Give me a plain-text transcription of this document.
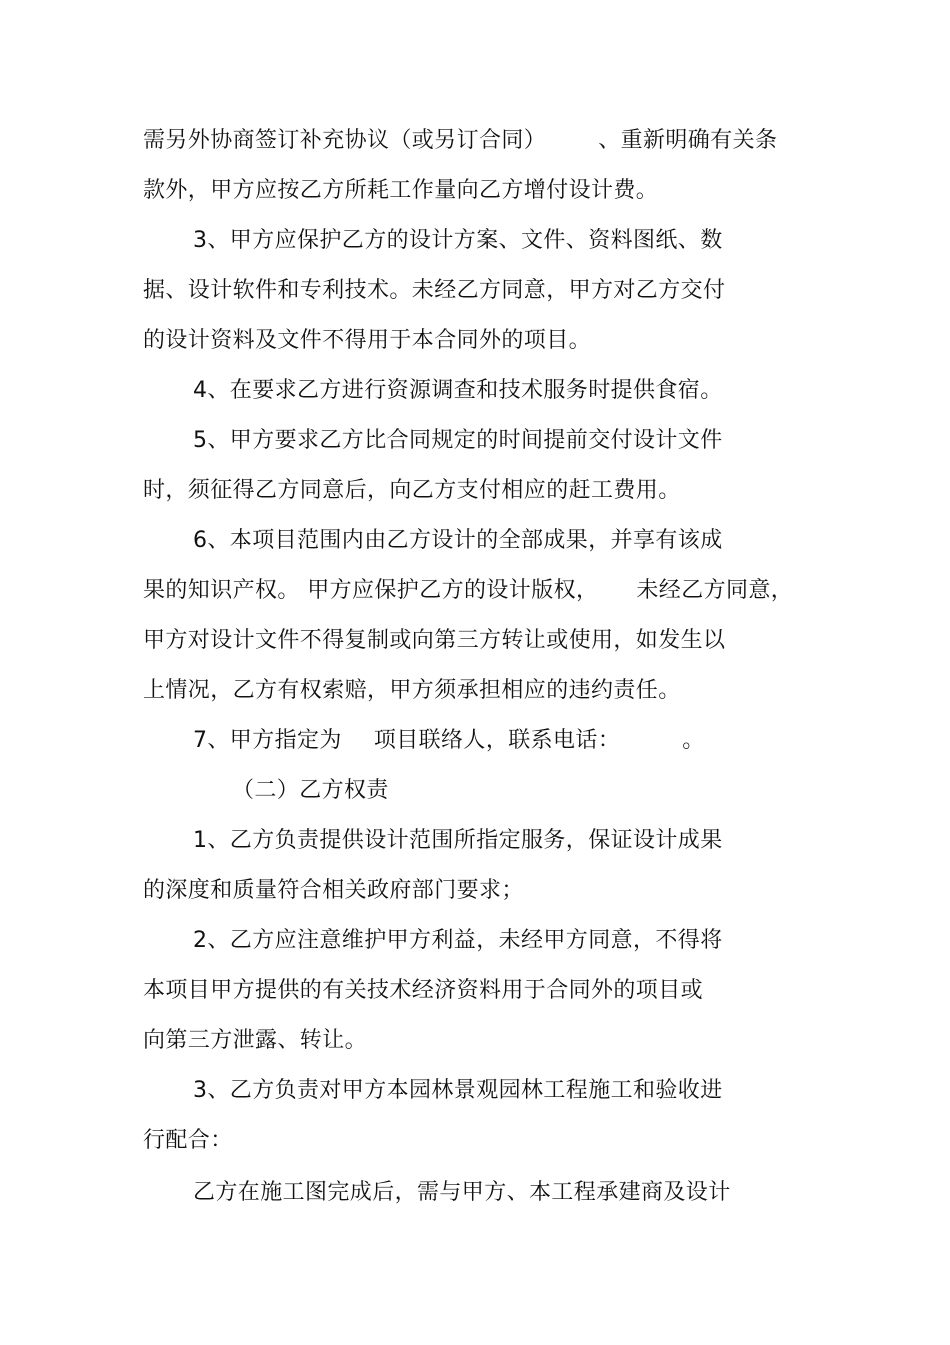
需另外协商签订补充协议（或另订合同） 、重新明确有关条
款外，甲方应按乙方所耗工作量向乙方增付设计费。
3、甲方应保护乙方的设计方案、文件、资料图纸、数
据、设计软件和专利技术。未经乙方同意，甲方对乙方交付
的设计资料及文件不得用于本合同外的项目。
4、在要求乙方进行资源调查和技术服务时提供食宿。
5、甲方要求乙方比合同规定的时间提前交付设计文件
时，须征得乙方同意后，向乙方支付相应的赶工费用。
6、本项目范围内由乙方设计的全部成果，并享有该成
果的知识产权。 甲方应保护乙方的设计版权， 未经乙方同意，
甲方对设计文件不得复制或向第三方转让或使用，如发生以
上情况，乙方有权索赔，甲方须承担相应的违约责任。
7、甲方指定为 项目联络人，联系电话：	。
（二）乙方权责
1、乙方负责提供设计范围所指定服务，保证设计成果
的深度和质量符合相关政府部门要求；
2、乙方应注意维护甲方利益，未经甲方同意，不得将
本项目甲方提供的有关技术经济资料用于合同外的项目或
向第三方泄露、转让。
3、乙方负责对甲方本园林景观园林工程施工和验收进
行配合：
乙方在施工图完成后，需与甲方、本工程承建商及设计
